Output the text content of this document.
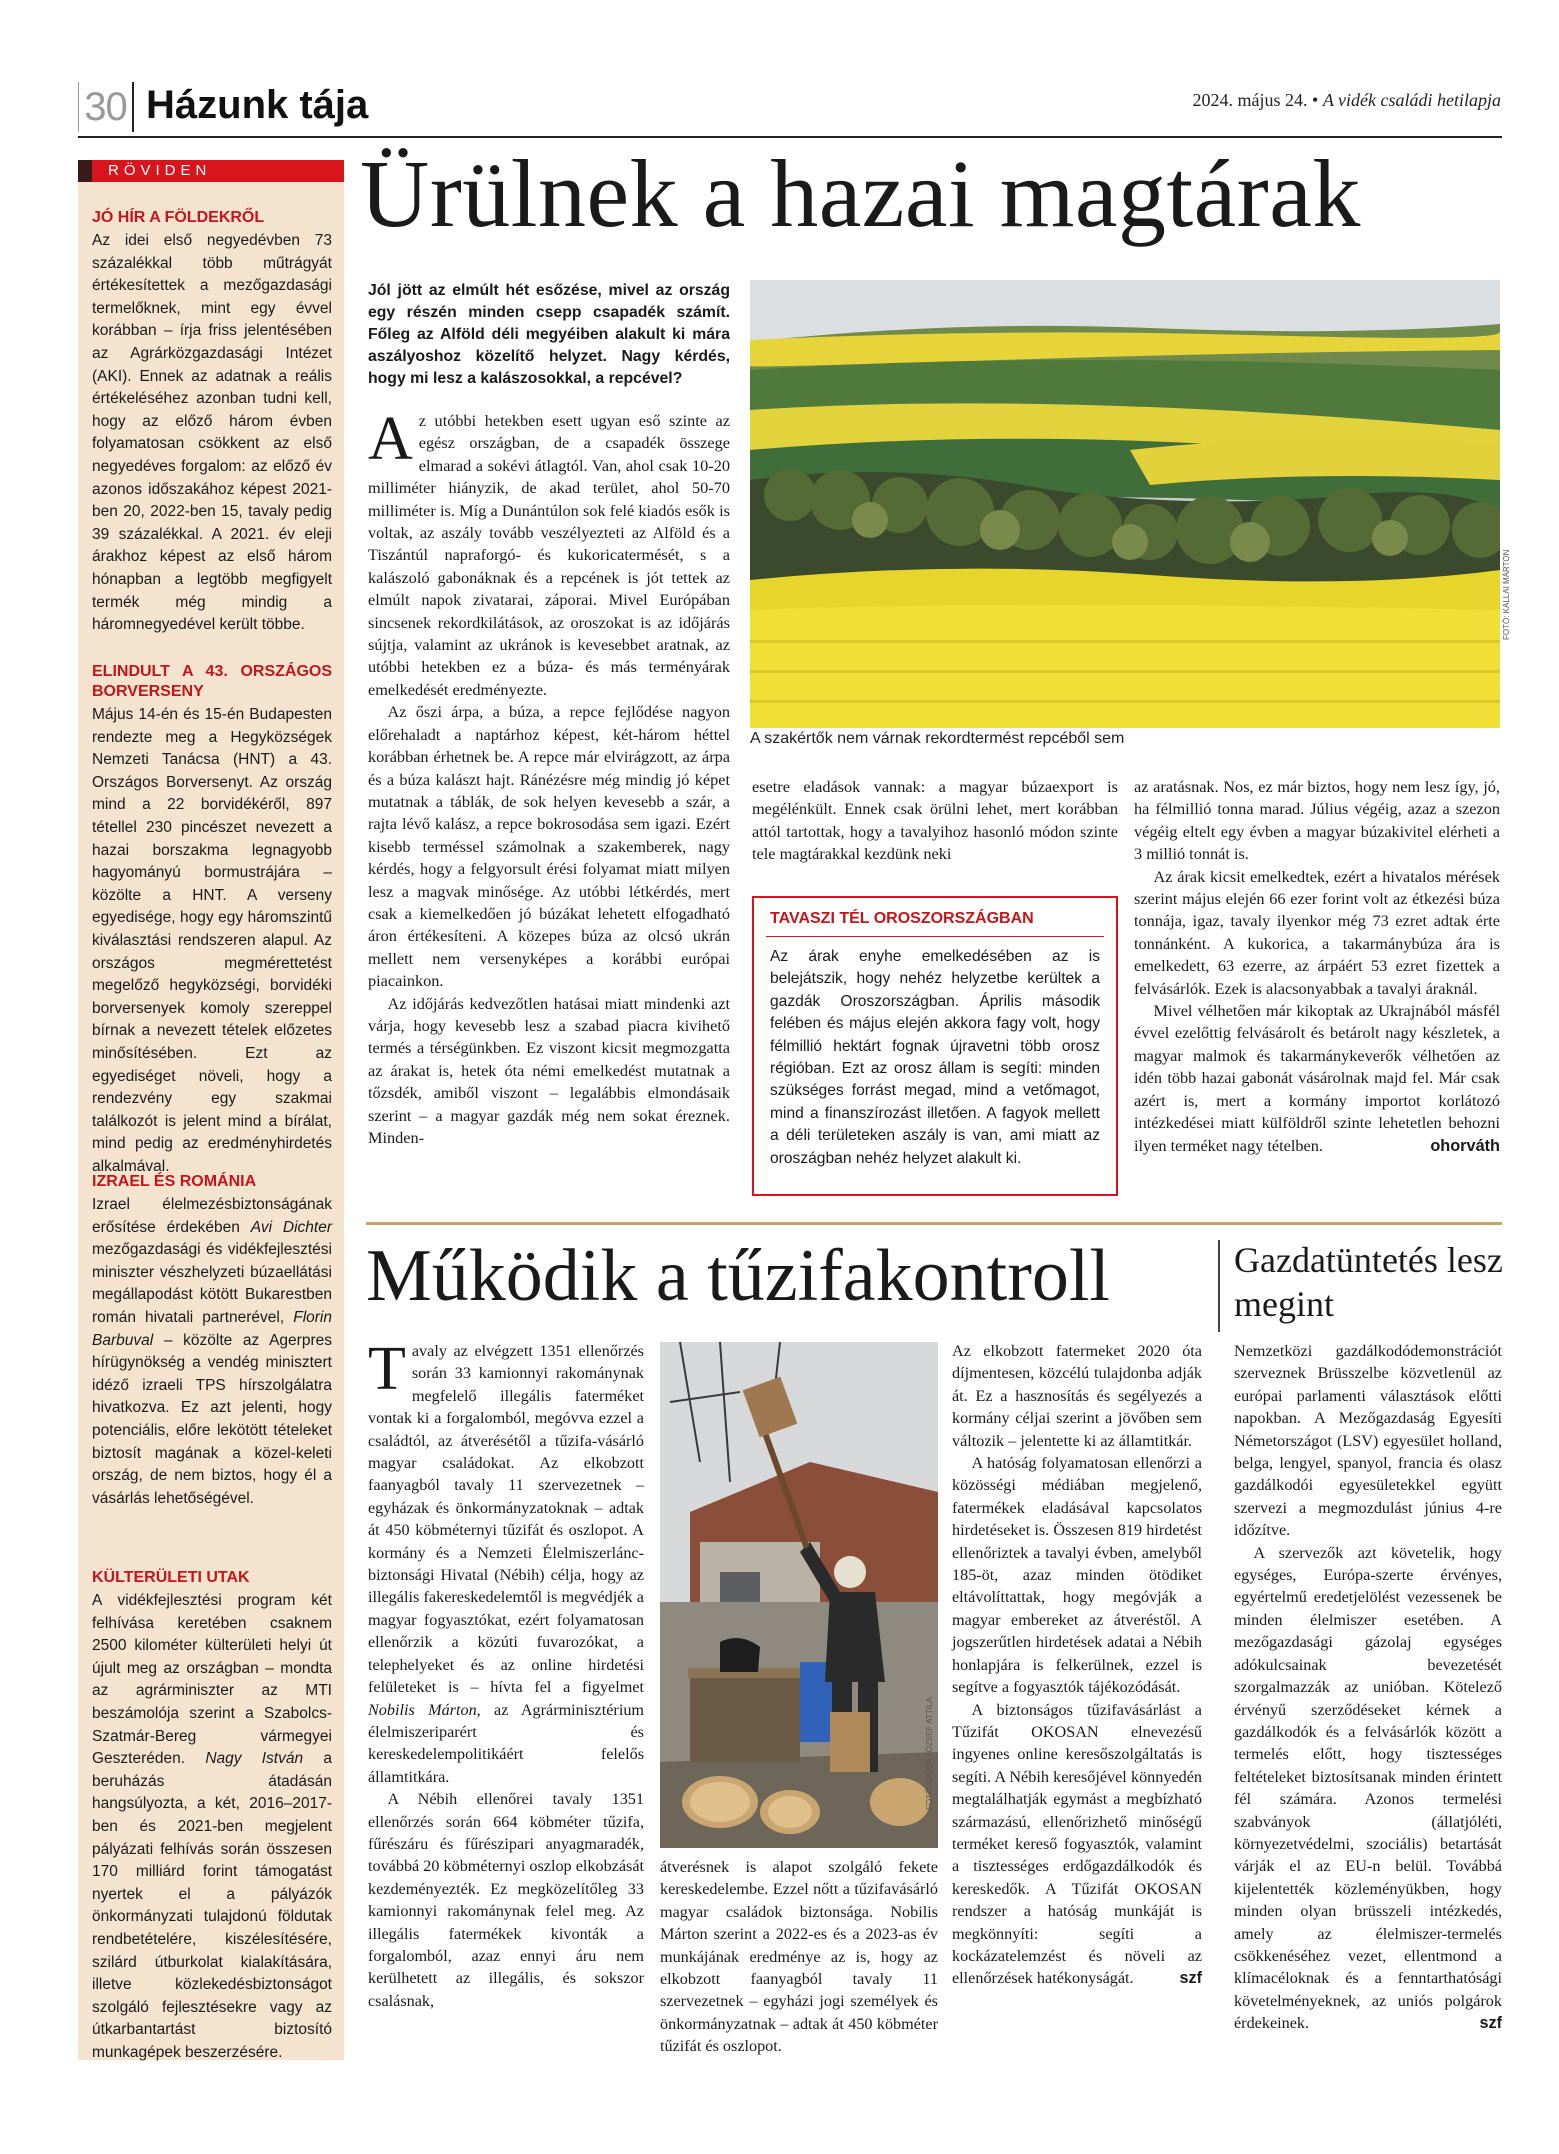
30 Házunk tája	2024. május 24. • A vidék családi hetilapja
RÖVIDEN
JÓ HÍR A FÖLDEKRŐL

Az idei első negyedévben 73 százalékkal több műtrágyát értékesítettek a mezőgazdasági termelőknek, mint egy évvel korábban – írja friss jelentésében az Agrárközgazdasági Intézet (AKI). Ennek az adatnak a reális értékeléséhez azonban tudni kell, hogy az előző három évben folyamatosan csökkent az első negyedéves forgalom: az előző év azonos időszakához képest 2021-ben 20, 2022-ben 15, tavaly pedig 39 százalékkal. A 2021. év eleji árakhoz képest az első három hónapban a legtöbb megfigyelt termék még mindig a háromnegyedével került többe.

ELINDULT A 43. ORSZÁGOS BORVERSENY

Május 14-én és 15-én Budapesten rendezte meg a Hegyközségek Nemzeti Tanácsa (HNT) a 43. Országos Borversenyt. Az ország mind a 22 borvidékéről, 897 tétellel 230 pincészet nevezett a hazai borszakma legnagyobb hagyományú bormustrájára – közölte a HNT. A verseny egyedisége, hogy egy háromszintű kiválasztási rendszeren alapul. Az országos megmérettetést megelőző hegyközségi, borvidéki borversenyek komoly szereppel bírnak a nevezett tételek előzetes minősítésében. Ezt az egyediséget növeli, hogy a rendezvény egy szakmai találkozót is jelent mind a bírálat, mind pedig az eredményhirdetés alkalmával.

IZRAEL ÉS ROMÁNIA

Izrael élelmezésbiztonságának erősítése érdekében Avi Dichter mezőgazdasági és vidékfejlesztési miniszter vészhelyzeti búzaellátási megállapodást kötött Bukarestben román hivatali partnerével, Florin Barbuval – közölte az Agerpres hírügynökség a vendég minisztert idéző izraeli TPS hírszolgálatra hivatkozva. Ez azt jelenti, hogy potenciális, előre lekötött tételeket biztosít magának a közel-keleti ország, de nem biztos, hogy él a vásárlás lehetőségével.

KÜLTERÜLETI UTAK

A vidékfejlesztési program két felhívása keretében csaknem 2500 kilométer külterületi helyi út újult meg az országban – mondta az agrárminiszter az MTI beszámolója szerint a Szabolcs-Szatmár-Bereg vármegyei Geszteréden. Nagy István a beruházás átadásán hangsúlyozta, a két, 2016–2017-ben és 2021-ben megjelent pályázati felhívás során összesen 170 milliárd forint támogatást nyertek el a pályázók önkormányzati tulajdonú földutak rendbetételére, kiszélesítésére, szilárd útburkolat kialakítására, illetve közlekedésbiztonságot szolgáló fejlesztésekre vagy az útkarbantartást biztosító munkagépek beszerzésére.

Ürülnek a hazai magtárak
Jól jött az elmúlt hét esőzése, mivel az ország egy részén minden csepp csapadék számít. Főleg az Alföld déli megyéiben alakult ki mára aszályoshoz közelítő helyzet. Nagy kérdés, hogy mi lesz a kalászosokkal, a repcével?

Az utóbbi hetekben esett ugyan eső szinte az egész országban, de a csapadék összege elmarad a sokévi átlagtól. Van, ahol csak 10-20 milliméter hiányzik, de akad terület, ahol 50-70 milliméter is. Míg a Dunántúlon sok felé kiadós esők is voltak, az aszály tovább veszélyezteti az Alföld és a Tiszántúl napraforgó- és kukoricatermését, s a kalászoló gabonáknak és a repcének is jót tettek az elmúlt napok zivatarai, záporai. Mivel Európában sincsenek rekordkilátások, az oroszokat is az időjárás sújtja, valamint az ukránok is kevesebbet aratnak, az utóbbi hetekben ez a búza- és más terményárak emelkedését eredményezte.

Az őszi árpa, a búza, a repce fejlődése nagyon előrehaladt a naptárhoz képest, két-három héttel korábban érhetnek be. A repce már elvirágzott, az árpa és a búza kalászt hajt. Ránézésre még mindig jó képet mutatnak a táblák, de sok helyen kevesebb a szár, a rajta lévő kalász, a repce bokrosodása sem igazi. Ezért kisebb terméssel számolnak a szakemberek, nagy kérdés, hogy a felgyorsult érési folyamat miatt milyen lesz a magvak minősége. Az utóbbi létkérdés, mert csak a kiemelkedően jó búzákat lehetett elfogadható áron értékesíteni. A közepes búza az olcsó ukrán mellett nem versenyképes a korábbi európai piacainkon.

Az időjárás kedvezőtlen hatásai miatt mindenki azt várja, hogy kevesebb lesz a szabad piacra kivihető termés a térségünkben. Ez viszont kicsit megmozgatta az árakat is, hetek óta némi emelkedést mutatnak a tőzsdék, amiből viszont – legalábbis elmondásaik szerint – a magyar gazdák még nem sokat éreznek. Minden-

FOTÓ: KALLAI MÁRTON
A szakértők nem várnak rekordtermést repcéből sem

esetre eladások vannak: a magyar búzaexport is megélénkült. Ennek csak örülni lehet, mert korábban attól tartottak, hogy a tavalyihoz hasonló módon szinte tele magtárakkal kezdünk neki

TAVASZI TÉL OROSZORSZÁGBAN

Az árak enyhe emelkedésében az is belejátszik, hogy nehéz helyzetbe kerültek a gazdák Oroszországban. Április második felében és május elején akkora fagy volt, hogy félmillió hektárt fognak újravetni több orosz régióban. Ezt az orosz állam is segíti: minden szükséges forrást megad, mind a vetőmagot, mind a finanszírozást illetően. A fagyok mellett a déli területeken aszály is van, ami miatt az oroszágban nehéz helyzet alakult ki.

az aratásnak. Nos, ez már biztos, hogy nem lesz így, jó, ha félmillió tonna marad. Július végéig, azaz a szezon végéig eltelt egy évben a magyar búzakivitel elérheti a 3 millió tonnát is.

Az árak kicsit emelkedtek, ezért a hivatalos mérések szerint május elején 66 ezer forint volt az étkezési búza tonnája, igaz, tavaly ilyenkor még 73 ezret adtak érte tonnánként. A kukorica, a takarmánybúza ára is emelkedett, 63 ezerre, az árpáért 53 ezret fizettek a felvásárlók. Ezek is alacsonyabbak a tavalyi áraknál.

Mivel vélhetően már kikoptak az Ukrajnából másfél évvel ezelőttig felvásárolt és betárolt nagy készletek, a magyar malmok és takarmánykeverők vélhetően az idén több hazai gabonát vásárolnak majd fel. Már csak azért is, mert a kormány importot korlátozó intézkedései miatt külföldről szinte lehetetlen behozni ilyen terméket nagy tételben.	ohorváth

Működik a tűzifakontroll	Gazdatüntetés lesz megint

Tavaly az elvégzett 1351 ellenőrzés során 33 kamionnyi rakománynak megfelelő illegális faterméket vontak ki a forgalomból, megóvva ezzel a családtól, az átverésétől a tűzifa-vásárló magyar családokat. Az elkobzott faanyagból tavaly 11 szervezetnek – egyházak és önkormányzatoknak – adtak át 450 köbméternyi tűzifát és oszlopot. A kormány és a Nemzeti Élelmiszerlánc-biztonsági Hivatal (Nébih) célja, hogy az illegális fakereskedelemtől is megvédjék a magyar fogyasztókat, ezért folyamatosan ellenőrzik a közúti fuvarozókat, a telephelyeket és az online hirdetési felületeket is – hívta fel a figyelmet Nobilis Márton, az Agrárminisztérium élelmiszeriparért és kereskedelempolitikáért felelős államtitkára.

A Nébih ellenőrei tavaly 1351 ellenőrzés során 664 köbméter tűzifa, fűrészáru és fűrészipari anyagmaradék, továbbá 20 köbméternyi oszlop elkobzását kezdeményezték. Ez megközelítőleg 33 kamionnyi rakománynak felel meg. Az illegális fatermékek kivonták a forgalomból, azaz ennyi áru nem kerülhetett az illegális, és sokszor csalásnak,

FOTÓ: VAJDA JÓZSEF ATTILA

átverésnek is alapot szolgáló fekete kereskedelembe. Ezzel nőtt a tűzifavásárló magyar családok biztonsága. Nobilis Márton szerint a 2022-es és a 2023-as év munkájának eredménye az is, hogy az elkobzott faanyagból tavaly 11 szervezetnek – egyházi jogi személyek és önkormányzatnak – adtak át 450 köbméter tűzifát és oszlopot.

Az elkobzott fatermeket 2020 óta díjmentesen, közcélú tulajdonba adják át. Ez a hasznosítás és segélyezés a kormány céljai szerint a jövőben sem változik – jelentette ki az államtitkár.

A hatóság folyamatosan ellenőrzi a közösségi médiában megjelenő, fatermékek eladásával kapcsolatos hirdetéseket is. Összesen 819 hirdetést ellenőriztek a tavalyi évben, amelyből 185-öt, azaz minden ötödiket eltávolíttattak, hogy megóvják a magyar embereket az átveréstől. A jogszerűtlen hirdetések adatai a Nébih honlapjára is felkerülnek, ezzel is segítve a fogyasztók tájékozódását.

A biztonságos tűzifavásárlást a Tűzifát OKOSAN elnevezésű ingyenes online keresőszolgáltatás is segíti. A Nébih keresőjével könnyedén megtalálhatják egymást a megbízható származású, ellenőrizhető minőségű terméket kereső fogyasztók, valamint a tisztességes erdőgazdálkodók és kereskedők. A Tűzifát OKOSAN rendszer a hatóság munkáját is megkönnyíti: segíti a kockázatelemzést és növeli az ellenőrzések hatékonyságát.	szf

Nemzetközi gazdálkodódemonstrációt szerveznek Brüsszelbe közvetlenül az európai parlamenti választások előtti napokban. A Mezőgazdaság Egyesíti Németországot (LSV) egyesület holland, belga, lengyel, spanyol, francia és olasz gazdálkodói egyesületekkel együtt szervezi a megmozdulást június 4-re időzítve.

A szervezők azt követelik, hogy egységes, Európa-szerte érvényes, egyértelmű eredetjelölést vezessenek be minden élelmiszer esetében. A mezőgazdasági gázolaj egységes adókulcsainak bevezetését szorgalmazzák az unióban. Kötelező érvényű szerződéseket kérnek a gazdálkodók és a felvásárlók között a termelés előtt, hogy tisztességes feltételeket biztosítsanak minden érintett fél számára. Azonos termelési szabványok (állatjóléti, környezetvédelmi, szociális) betartását várják el az EU-n belül. Továbbá kijelentették közleményükben, hogy minden olyan brüsszeli intézkedés, amely az élelmiszer-termelés csökkenéséhez vezet, ellentmond a klímacéloknak és a fenntarthatósági követelményeknek, az uniós polgárok érdekeinek.	szf
